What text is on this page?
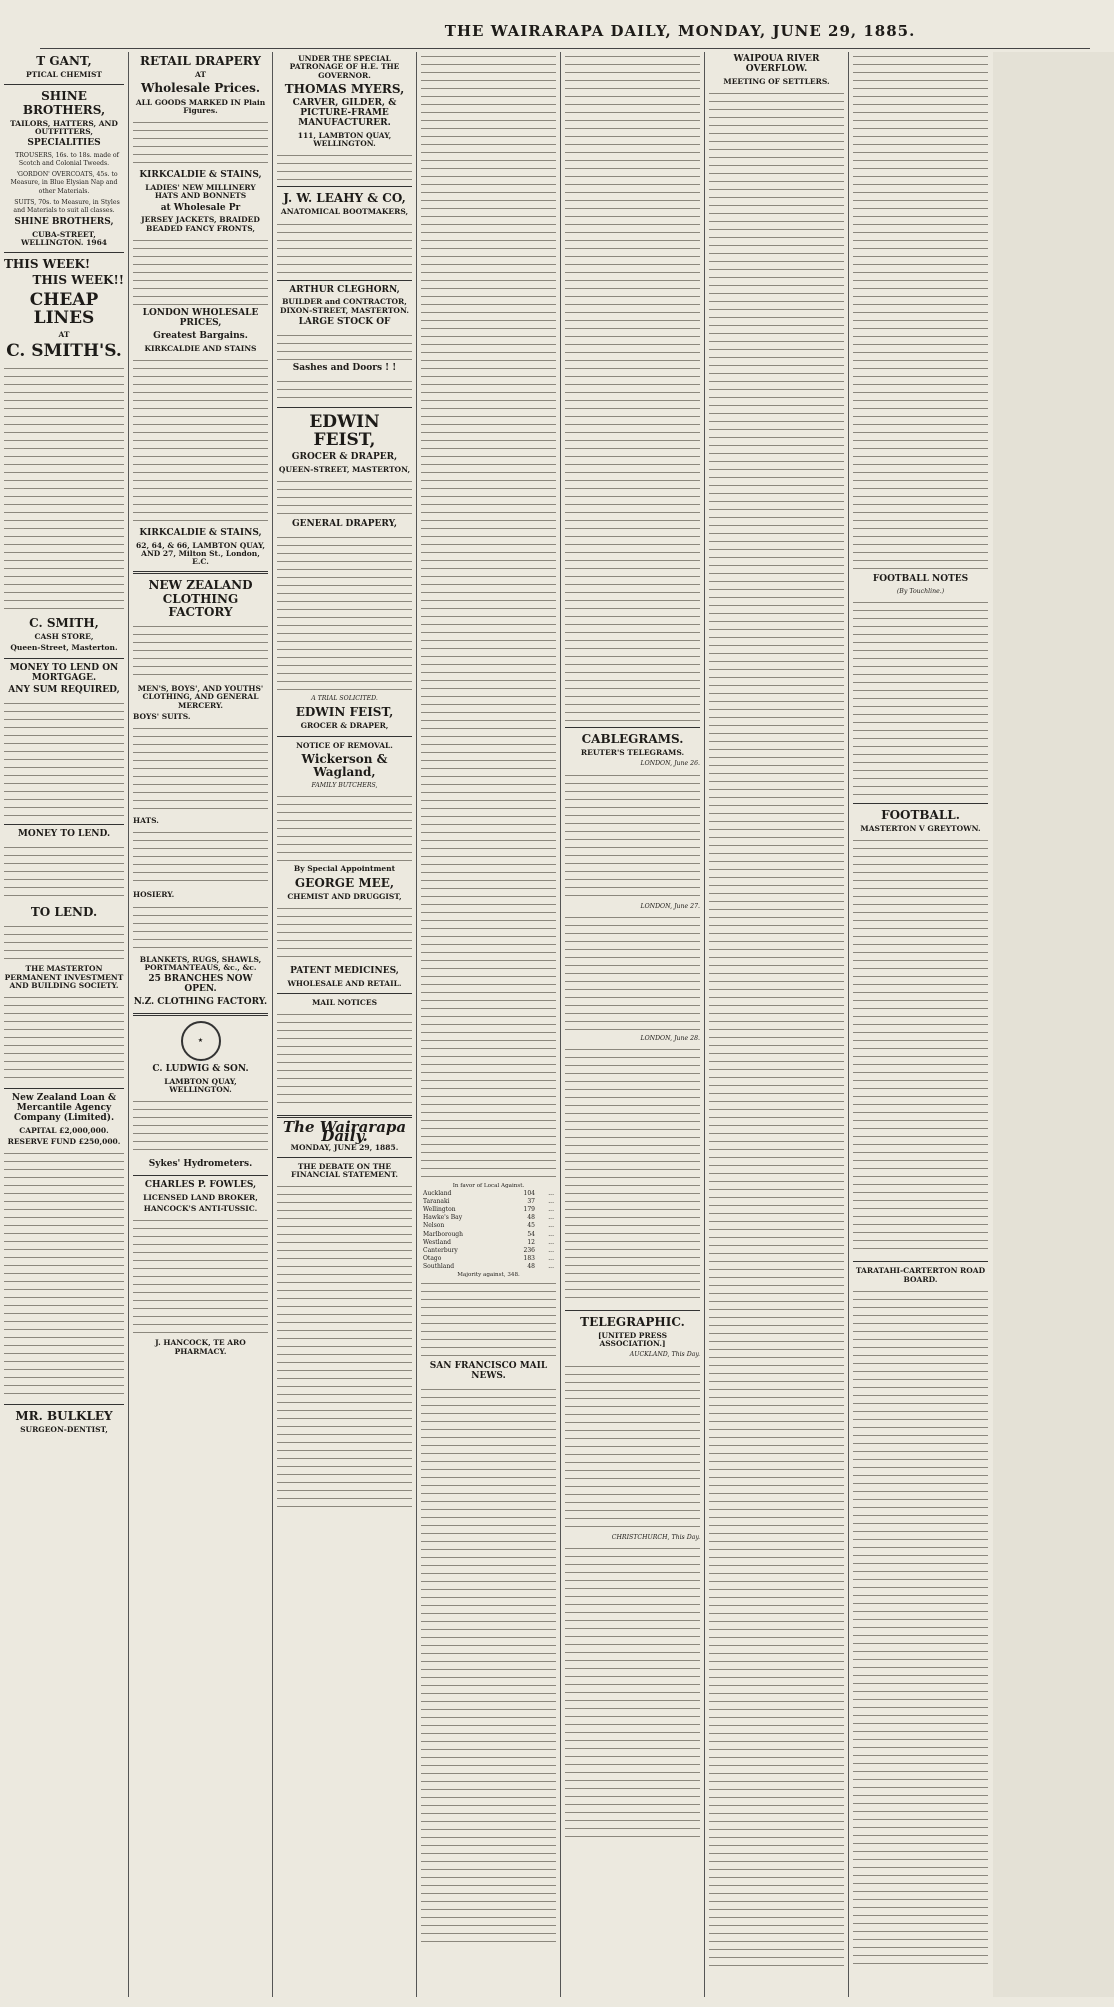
THE WAIRARAPA DAILY, MONDAY, JUNE 29, 1885.
T GANT,
PTICAL CHEMIST
SHINE BROTHERS,
TAILORS, HATTERS, AND OUTFITTERS,
SPECIALITIES

TROUSERS, 16s. to 18s. made of Scotch and Colonial Tweeds.

'GORDON' OVERCOATS, 45s. to Measure, in Blue Elysian Nap and other Materials.

SUITS, 70s. to Measure, in Styles and Materials to suit all classes.

SHINE BROTHERS,
CUBA-STREET, WELLINGTON. 1964
THIS WEEK!
THIS WEEK!!
CHEAP LINES
AT
C. SMITH'S.
C. SMITH,
CASH STORE,
Queen-Street, Masterton.
MONEY TO LEND ON MORTGAGE.
ANY SUM REQUIRED,
MONEY TO LEND.
TO LEND.
THE MASTERTON PERMANENT INVESTMENT AND BUILDING SOCIETY.
New Zealand Loan & Mercantile Agency Company (Limited).
CAPITAL £2,000,000.
RESERVE FUND £250,000.
MR. BULKLEY
SURGEON-DENTIST,
RETAIL DRAPERY
AT
Wholesale Prices.
ALL GOODS MARKED IN Plain Figures.
KIRKCALDIE & STAINS,
LADIES' NEW MILLINERY HATS AND BONNETS
at Wholesale Pr
JERSEY JACKETS, BRAIDED BEADED FANCY FRONTS,
LONDON WHOLESALE PRICES,
Greatest Bargains.
KIRKCALDIE AND STAINS
KIRKCALDIE & STAINS,
62, 64, & 66, LAMBTON QUAY, AND 27, Milton St., London, E.C.
NEW ZEALAND CLOTHING FACTORY
MEN'S, BOYS', AND YOUTHS' CLOTHING, AND GENERAL MERCERY.
BOYS' SUITS.
HATS.
HOSIERY.
BLANKETS, RUGS, SHAWLS, PORTMANTEAUS, &c., &c.
25 BRANCHES NOW OPEN.
N.Z. CLOTHING FACTORY.
★
C. LUDWIG & SON.
LAMBTON QUAY, WELLINGTON.
Sykes' Hydrometers.
CHARLES P. FOWLES,
LICENSED LAND BROKER,
HANCOCK'S ANTI-TUSSIC.
J. HANCOCK, TE ARO PHARMACY.
UNDER THE SPECIAL PATRONAGE OF H.E. THE GOVERNOR.
THOMAS MYERS,
CARVER, GILDER, & PICTURE-FRAME MANUFACTURER.
111, LAMBTON QUAY, WELLINGTON.
J. W. LEAHY & CO,
ANATOMICAL BOOTMAKERS,
ARTHUR CLEGHORN,
BUILDER and CONTRACTOR, DIXON-STREET, MASTERTON.
LARGE STOCK OF
Sashes and Doors ! !
EDWIN FEIST,
GROCER & DRAPER,
QUEEN-STREET, MASTERTON,
GENERAL DRAPERY,
A TRIAL SOLICITED.
EDWIN FEIST,
GROCER & DRAPER,
NOTICE OF REMOVAL.
Wickerson & Wagland,
FAMILY BUTCHERS,
By Special Appointment
GEORGE MEE,
CHEMIST AND DRUGGIST,
PATENT MEDICINES,
WHOLESALE AND RETAIL.
MAIL NOTICES
The Wairarapa Daily.
MONDAY, JUNE 29, 1885.
THE DEBATE ON THE FINANCIAL STATEMENT.
In favor of Local Against.
Auckland	104	...
Taranaki	37	...
Wellington	179	...
Hawke's Bay	48	...
Nelson	45	...
Marlborough	54	...
Westland	12	...
Canterbury	236	...
Otago	183	...
Southland	48	...
Majority against, 348.
SAN FRANCISCO MAIL NEWS.
CABLEGRAMS.
REUTER'S TELEGRAMS.
LONDON, June 26.
LONDON, June 27.
LONDON, June 28.
TELEGRAPHIC.
[UNITED PRESS ASSOCIATION.]
AUCKLAND, This Day.
CHRISTCHURCH, This Day.
WAIPOUA RIVER OVERFLOW.
MEETING OF SETTLERS.
FOOTBALL NOTES
(By Touchline.)
FOOTBALL.
MASTERTON V GREYTOWN.
TARATAHI-CARTERTON ROAD BOARD.
